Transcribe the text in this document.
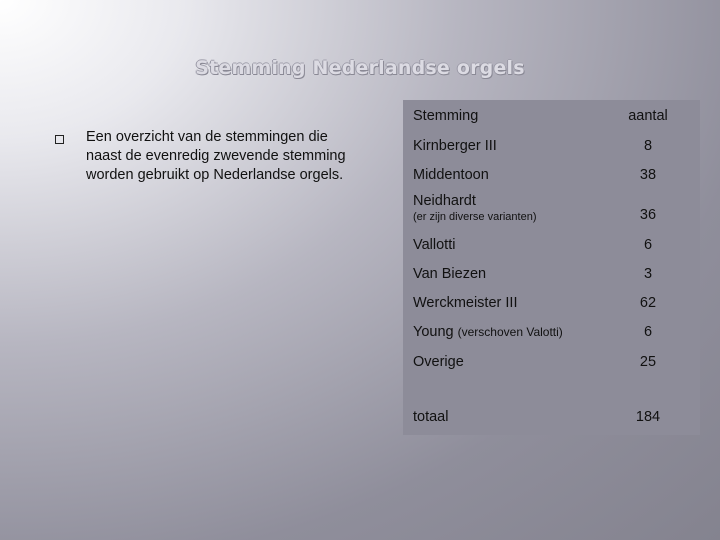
Stemming Nederlandse orgels
Een overzicht van de stemmingen die naast de evenredig zwevende stemming worden gebruikt op Nederlandse orgels.
Stemming	aantal
Kirnberger III	8
Middentoon	38
Neidhardt
(er zijn diverse varianten)	36
Vallotti	6
Van Biezen	3
Werckmeister III	62
Young (verschoven Valotti)	6
Overige	25
totaal	184
